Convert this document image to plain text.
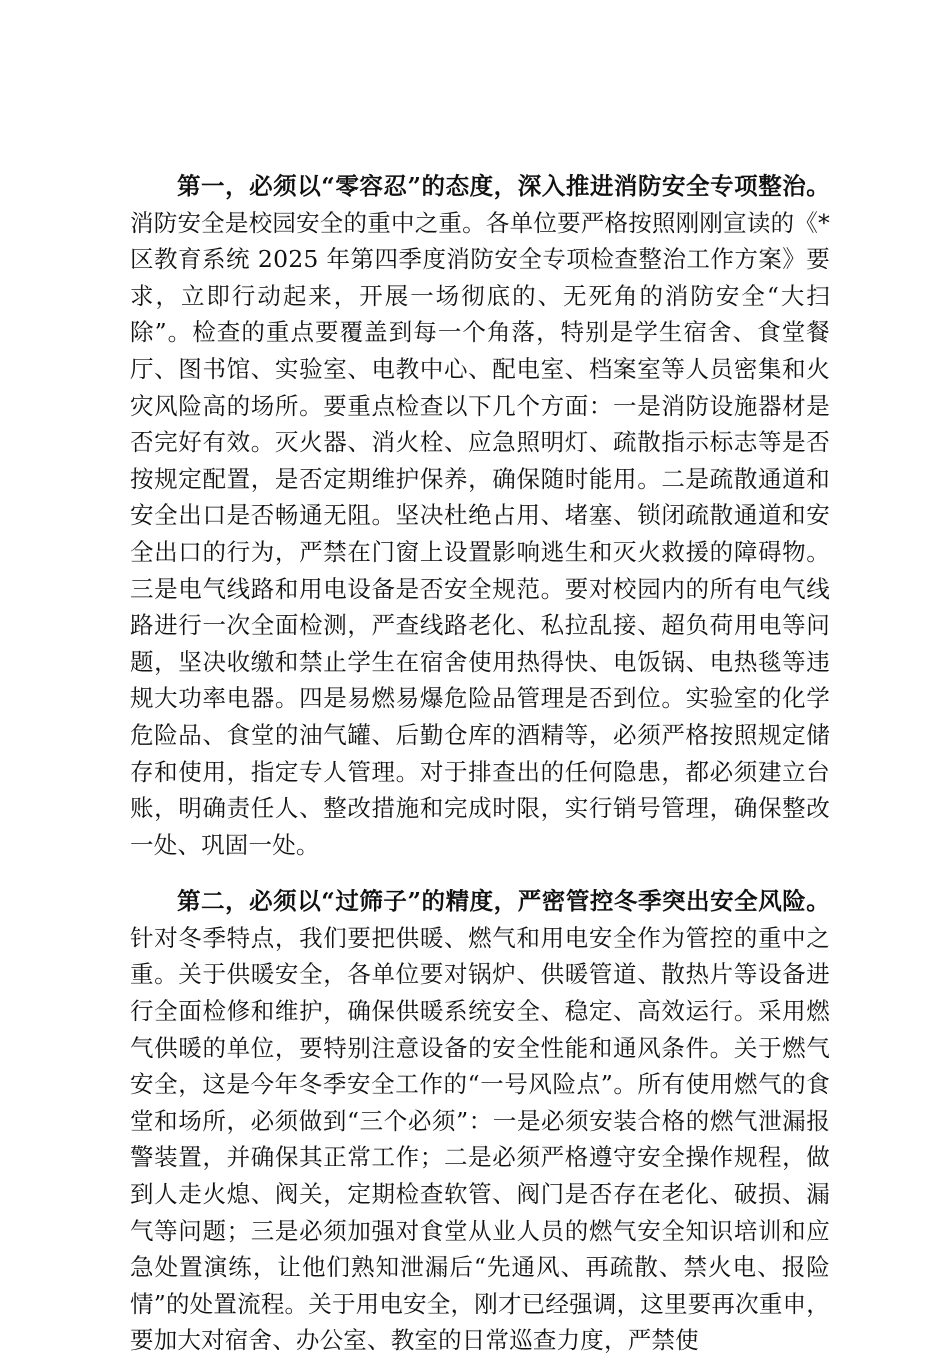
第一，必须以“零容忍”的态度，深入推进消防安全专项整治。消防安全是校园安全的重中之重。各单位要严格按照刚刚宣读的《*区教育系统 2025 年第四季度消防安全专项检查整治工作方案》要求，立即行动起来，开展一场彻底的、无死角的消防安全“大扫除”。检查的重点要覆盖到每一个角落，特别是学生宿舍、食堂餐厅、图书馆、实验室、电教中心、配电室、档案室等人员密集和火灾风险高的场所。要重点检查以下几个方面：一是消防设施器材是否完好有效。灭火器、消火栓、应急照明灯、疏散指示标志等是否按规定配置，是否定期维护保养，确保随时能用。二是疏散通道和安全出口是否畅通无阻。坚决杜绝占用、堵塞、锁闭疏散通道和安全出口的行为，严禁在门窗上设置影响逃生和灭火救援的障碍物。三是电气线路和用电设备是否安全规范。要对校园内的所有电气线路进行一次全面检测，严查线路老化、私拉乱接、超负荷用电等问题，坚决收缴和禁止学生在宿舍使用热得快、电饭锅、电热毯等违规大功率电器。四是易燃易爆危险品管理是否到位。实验室的化学危险品、食堂的油气罐、后勤仓库的酒精等，必须严格按照规定储存和使用，指定专人管理。对于排查出的任何隐患，都必须建立台账，明确责任人、整改措施和完成时限，实行销号管理，确保整改一处、巩固一处。

第二，必须以“过筛子”的精度，严密管控冬季突出安全风险。针对冬季特点，我们要把供暖、燃气和用电安全作为管控的重中之重。关于供暖安全，各单位要对锅炉、供暖管道、散热片等设备进行全面检修和维护，确保供暖系统安全、稳定、高效运行。采用燃气供暖的单位，要特别注意设备的安全性能和通风条件。关于燃气安全，这是今年冬季安全工作的“一号风险点”。所有使用燃气的食堂和场所，必须做到“三个必须”：一是必须安装合格的燃气泄漏报警装置，并确保其正常工作；二是必须严格遵守安全操作规程，做到人走火熄、阀关，定期检查软管、阀门是否存在老化、破损、漏气等问题；三是必须加强对食堂从业人员的燃气安全知识培训和应急处置演练，让他们熟知泄漏后“先通风、再疏散、禁火电、报险情”的处置流程。关于用电安全，刚才已经强调，这里要再次重申，要加大对宿舍、办公室、教室的日常巡查力度，严禁使
